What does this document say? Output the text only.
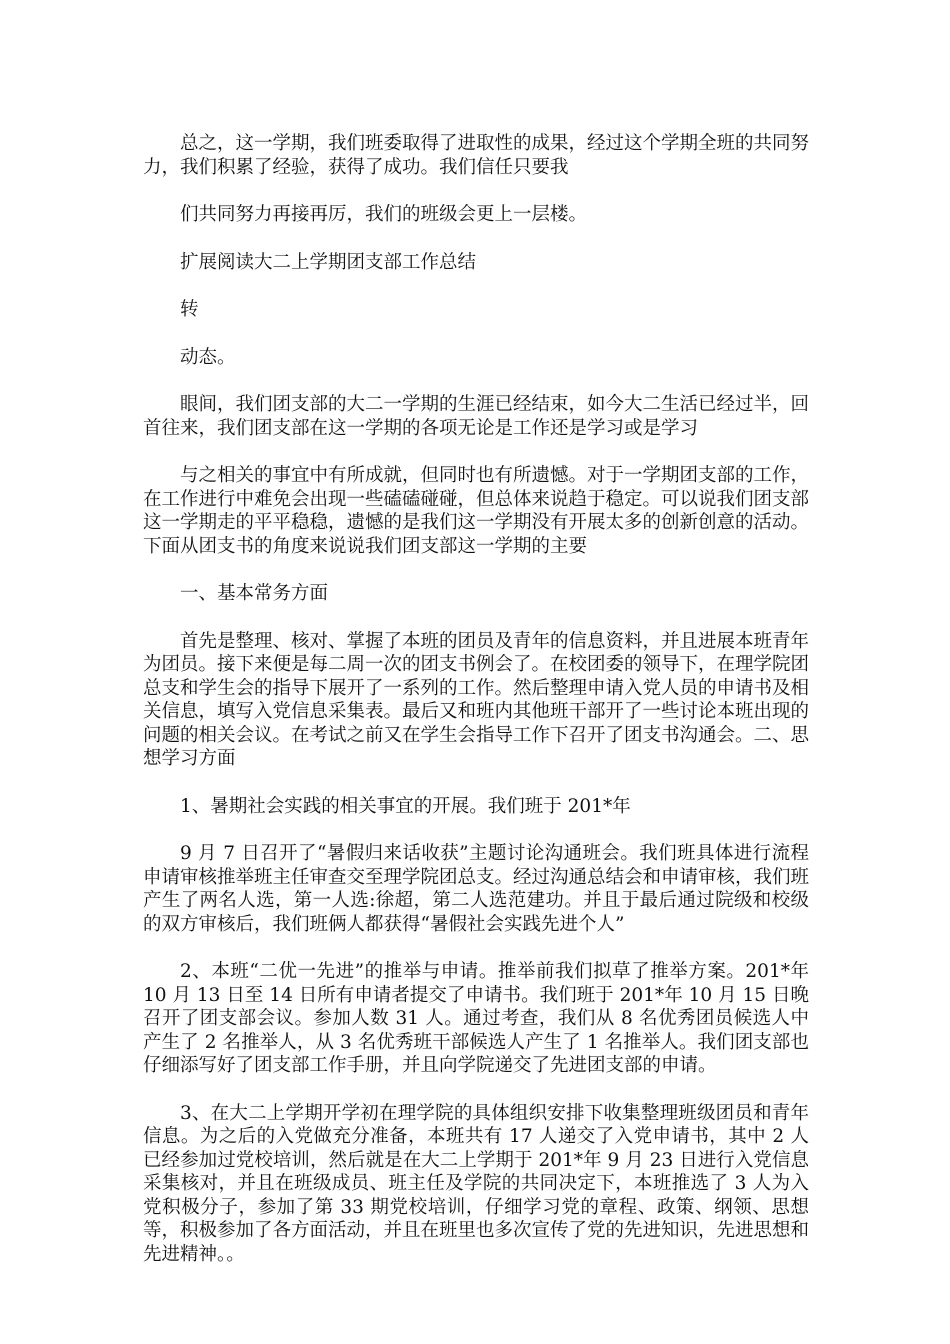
总之，这一学期，我们班委取得了进取性的成果，经过这个学期全班的共同努力，我们积累了经验，获得了成功。我们信任只要我

们共同努力再接再厉，我们的班级会更上一层楼。

扩展阅读大二上学期团支部工作总结

转

动态。

眼间，我们团支部的大二一学期的生涯已经结束，如今大二生活已经过半，回首往来，我们团支部在这一学期的各项无论是工作还是学习或是学习

与之相关的事宜中有所成就，但同时也有所遗憾。对于一学期团支部的工作，在工作进行中难免会出现一些磕磕碰碰，但总体来说趋于稳定。可以说我们团支部这一学期走的平平稳稳，遗憾的是我们这一学期没有开展太多的创新创意的活动。下面从团支书的角度来说说我们团支部这一学期的主要

一、基本常务方面

首先是整理、核对、掌握了本班的团员及青年的信息资料，并且进展本班青年为团员。接下来便是每二周一次的团支书例会了。在校团委的领导下，在理学院团总支和学生会的指导下展开了一系列的工作。然后整理申请入党人员的申请书及相关信息，填写入党信息采集表。最后又和班内其他班干部开了一些讨论本班出现的问题的相关会议。在考试之前又在学生会指导工作下召开了团支书沟通会。二、思想学习方面

1、暑期社会实践的相关事宜的开展。我们班于 201*年

9 月 7 日召开了“暑假归来话收获”主题讨论沟通班会。我们班具体进行流程申请审核推举班主任审查交至理学院团总支。经过沟通总结会和申请审核，我们班产生了两名人选，第一人选:徐超，第二人选范建功。并且于最后通过院级和校级的双方审核后，我们班俩人都获得“暑假社会实践先进个人”

2、本班“二优一先进”的推举与申请。推举前我们拟草了推举方案。201*年 10 月 13 日至 14 日所有申请者提交了申请书。我们班于 201*年 10 月 15 日晚召开了团支部会议。参加人数 31 人。通过考查，我们从 8 名优秀团员候选人中产生了 2 名推举人，从 3 名优秀班干部候选人产生了 1 名推举人。我们团支部也仔细添写好了团支部工作手册，并且向学院递交了先进团支部的申请。

3、在大二上学期开学初在理学院的具体组织安排下收集整理班级团员和青年信息。为之后的入党做充分准备，本班共有 17 人递交了入党申请书，其中 2 人已经参加过党校培训，然后就是在大二上学期于 201*年 9 月 23 日进行入党信息采集核对，并且在班级成员、班主任及学院的共同决定下，本班推选了 3 人为入党积极分子，参加了第 33 期党校培训，仔细学习党的章程、政策、纲领、思想等，积极参加了各方面活动，并且在班里也多次宣传了党的先进知识，先进思想和先进精神。。
